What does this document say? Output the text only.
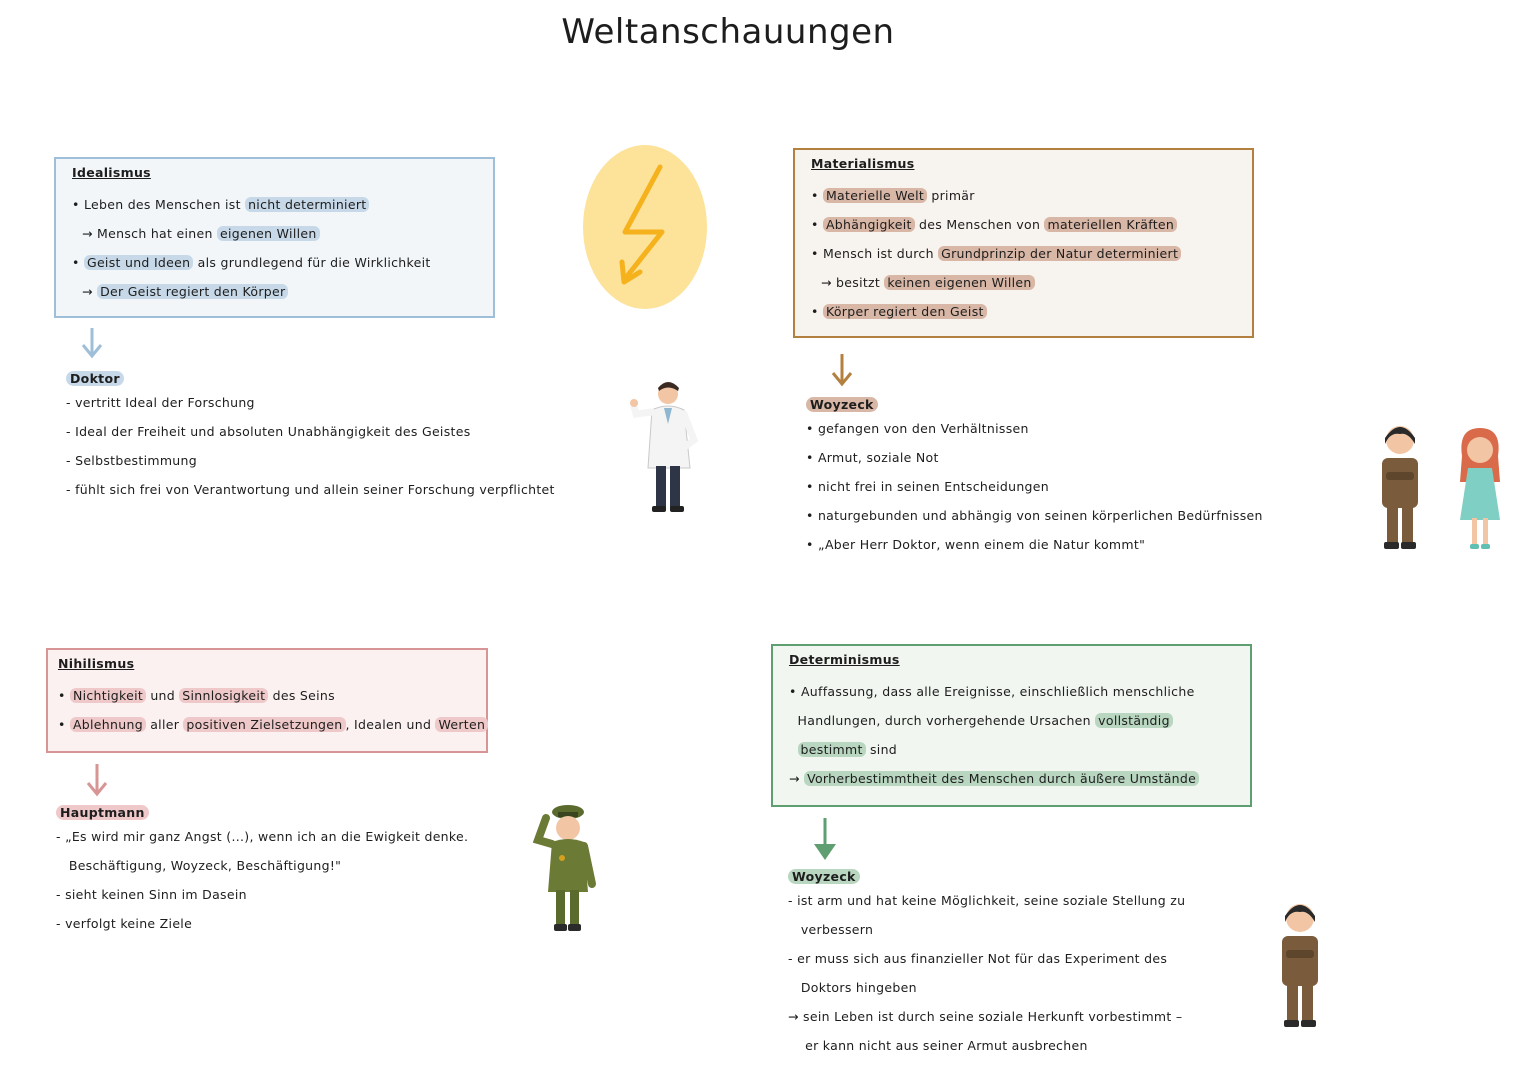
Weltanschauungen
Idealismus
• Leben des Menschen ist nicht determiniert
→ Mensch hat einen eigenen Willen
• Geist und Ideen als grundlegend für die Wirklichkeit
→ Der Geist regiert den Körper
Doktor
- vertritt Ideal der Forschung
- Ideal der Freiheit und absoluten Unabhängigkeit des Geistes
- Selbstbestimmung
- fühlt sich frei von Verantwortung und allein seiner Forschung verpflichtet
Materialismus
• Materielle Welt primär
• Abhängigkeit des Menschen von materiellen Kräften
• Mensch ist durch Grundprinzip der Natur determiniert
→ besitzt keinen eigenen Willen
• Körper regiert den Geist
Woyzeck
• gefangen von den Verhältnissen
• Armut, soziale Not
• nicht frei in seinen Entscheidungen
• naturgebunden und abhängig von seinen körperlichen Bedürfnissen
• „Aber Herr Doktor, wenn einem die Natur kommt"
Nihilismus
• Nichtigkeit und Sinnlosigkeit des Seins
• Ablehnung aller positiven Zielsetzungen , Idealen und Werten
Hauptmann
- „Es wird mir ganz Angst (...), wenn ich an die Ewigkeit denke.
Beschäftigung, Woyzeck, Beschäftigung!"
- sieht keinen Sinn im Dasein
- verfolgt keine Ziele
Determinismus
• Auffassung, dass alle Ereignisse, einschließlich menschliche
Handlungen, durch vorhergehende Ursachen vollständig
bestimmt sind
→ Vorherbestimmtheit des Menschen durch äußere Umstände
Woyzeck
- ist arm und hat keine Möglichkeit, seine soziale Stellung zu
verbessern
- er muss sich aus finanzieller Not für das Experiment des
Doktors hingeben
→ sein Leben ist durch seine soziale Herkunft vorbestimmt –
er kann nicht aus seiner Armut ausbrechen
